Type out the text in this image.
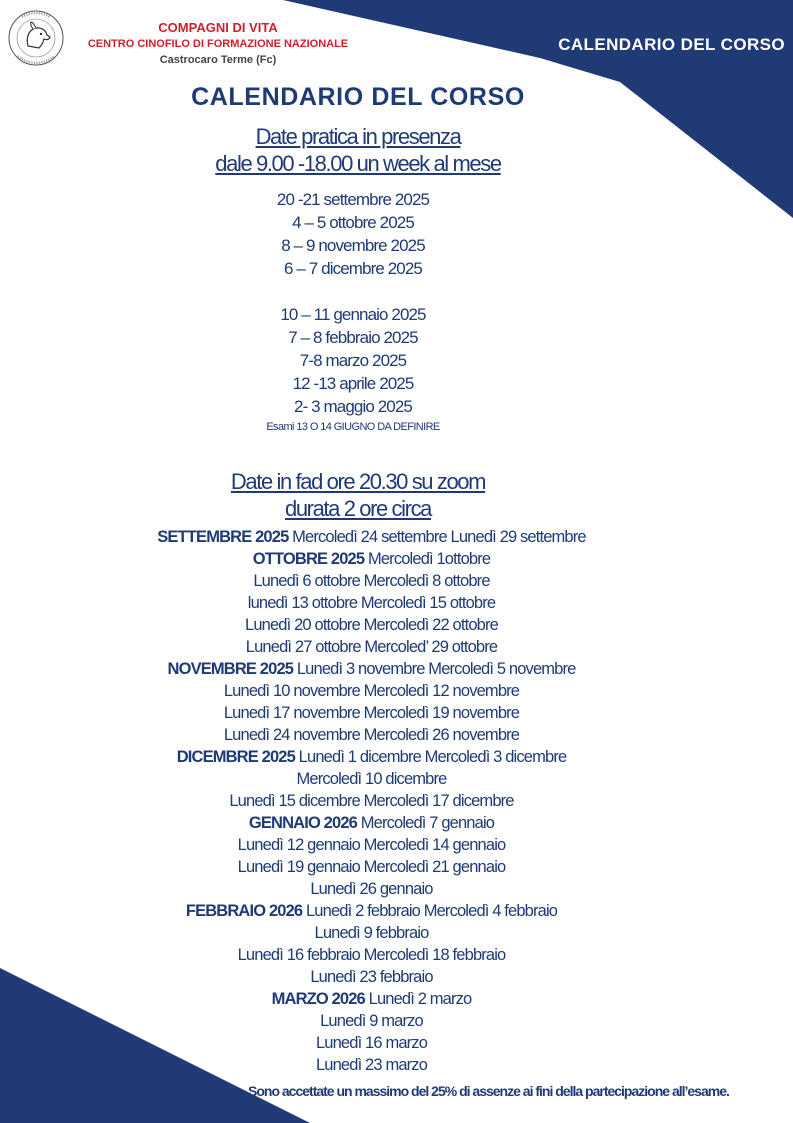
COMPAGNI DI VITA
CENTRO CINOFILO DI FORMAZIONE NAZIONALE
Castrocaro Terme (Fc)
CALENDARIO DEL CORSO
CALENDARIO DEL CORSO
Date pratica in presenza
dale 9.00 -18.00 un week al mese
20 -21 settembre 2025
4 – 5 ottobre 2025
8 – 9 novembre 2025
6 – 7 dicembre 2025
10 – 11 gennaio 2025
7 – 8 febbraio 2025
7-8 marzo 2025
12 -13 aprile 2025
2- 3 maggio 2025
Esami 13 O 14 GIUGNO DA DEFINIRE
Date in fad ore 20.30 su zoom
durata 2 ore circa
SETTEMBRE 2025 Mercoledì 24 settembre Lunedì 29 settembre
OTTOBRE 2025 Mercoledì 1ottobre
Lunedì 6 ottobre Mercoledì 8 ottobre
lunedì 13 ottobre Mercoledì 15 ottobre
Lunedì 20 ottobre Mercoledì 22 ottobre
Lunedì 27 ottobre Mercoled’ 29 ottobre
NOVEMBRE 2025 Lunedì 3 novembre Mercoledì 5 novembre
Lunedì 10 novembre Mercoledì 12 novembre
Lunedì 17 novembre Mercoledì 19 novembre
Lunedì 24 novembre Mercoledì 26 novembre
DICEMBRE 2025 Lunedì 1 dicembre Mercoledì 3 dicembre
Mercoledì 10 dicembre
Lunedì 15 dicembre Mercoledì 17 dicembre
GENNAIO 2026 Mercoledì 7 gennaio
Lunedì 12 gennaio Mercoledì 14 gennaio
Lunedì 19 gennaio Mercoledì 21 gennaio
Lunedì 26 gennaio
FEBBRAIO 2026 Lunedì 2 febbraio Mercoledì 4 febbraio
Lunedì 9 febbraio
Lunedì 16 febbraio Mercoledì 18 febbraio
Lunedì 23 febbraio
MARZO 2026 Lunedì 2 marzo
Lunedì 9 marzo
Lunedì 16 marzo
Lunedì 23 marzo
Sono accettate un massimo del 25% di assenze ai fini della partecipazione all’esame.
